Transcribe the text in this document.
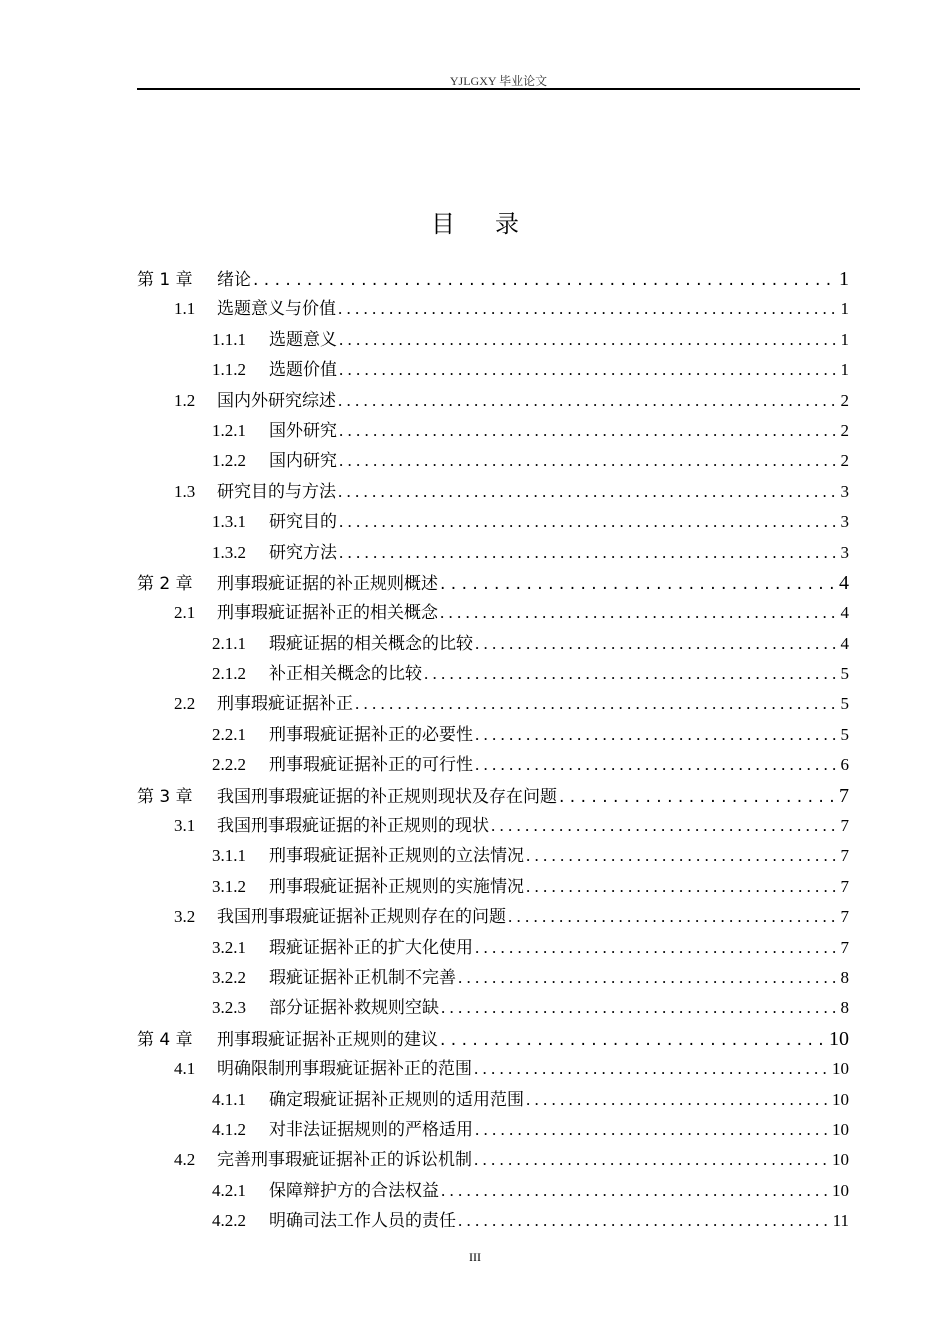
YJLGXY 毕业论文
目录
第 1 章	绪论 . . .	1
1.1	选题意义与价值 . . .	1
1.1.1	选题意义 . . .	1
1.1.2	选题价值 . . .	1
1.2	国内外研究综述 . . .	2
1.2.1	国外研究 . . .	2
1.2.2	国内研究 . . .	2
1.3	研究目的与方法 . . .	3
1.3.1	研究目的 . . .	3
1.3.2	研究方法 . . .	3
第 2 章	刑事瑕疵证据的补正规则概述 . . .	4
2.1	刑事瑕疵证据补正的相关概念 . . .	4
2.1.1	瑕疵证据的相关概念的比较 . . .	4
2.1.2	补正相关概念的比较 . . .	5
2.2	刑事瑕疵证据补正 . . .	5
2.2.1	刑事瑕疵证据补正的必要性 . . .	5
2.2.2	刑事瑕疵证据补正的可行性 . . .	6
第 3 章	我国刑事瑕疵证据的补正规则现状及存在问题 . . .	7
3.1	我国刑事瑕疵证据的补正规则的现状 . . .	7
3.1.1	刑事瑕疵证据补正规则的立法情况 . . .	7
3.1.2	刑事瑕疵证据补正规则的实施情况 . . .	7
3.2	我国刑事瑕疵证据补正规则存在的问题 . . .	7
3.2.1	瑕疵证据补正的扩大化使用 . . .	7
3.2.2	瑕疵证据补正机制不完善 . . .	8
3.2.3	部分证据补救规则空缺 . . .	8
第 4 章	刑事瑕疵证据补正规则的建议 . . .	10
4.1	明确限制刑事瑕疵证据补正的范围 . . .	10
4.1.1	确定瑕疵证据补正规则的适用范围 . . .	10
4.1.2	对非法证据规则的严格适用 . . .	10
4.2	完善刑事瑕疵证据补正的诉讼机制 . . .	10
4.2.1	保障辩护方的合法权益 . . .	10
4.2.2	明确司法工作人员的责任 . . .	11
III
